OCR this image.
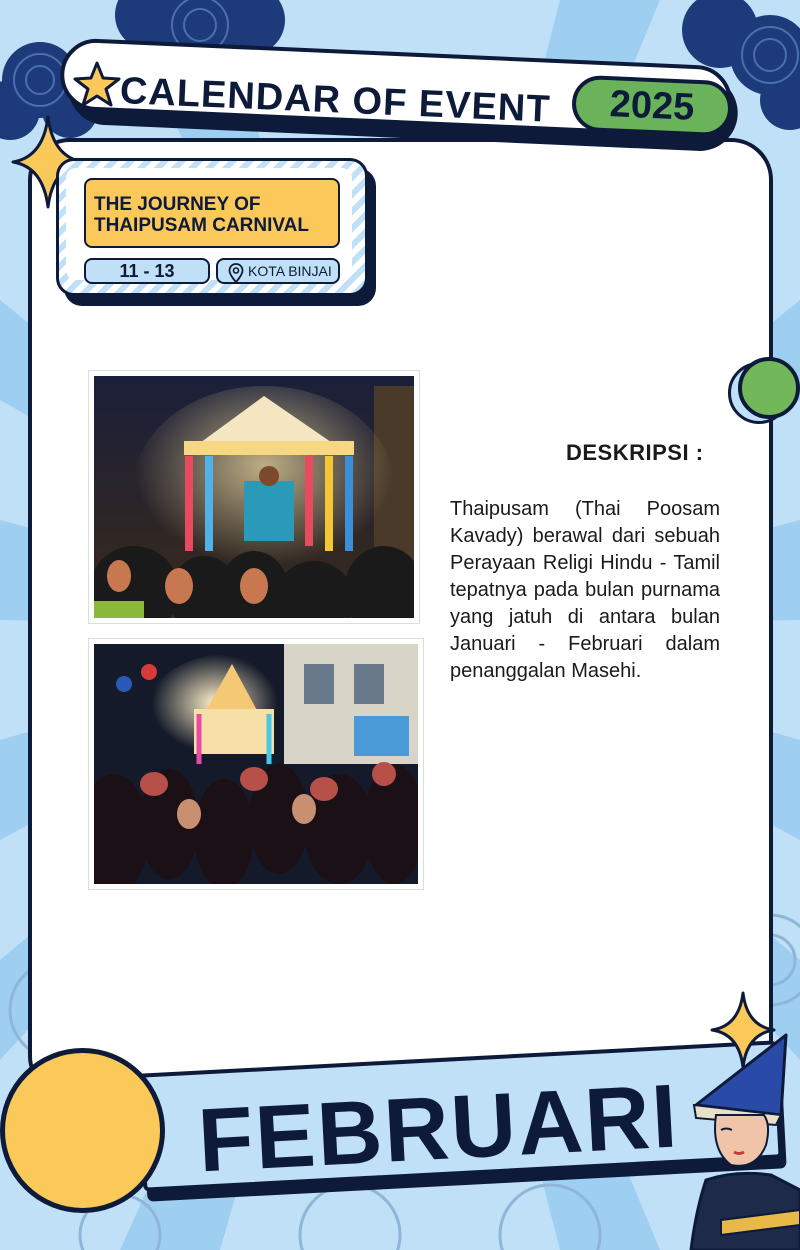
CALENDAR OF EVENT	2025
THE JOURNEY OF
THAIPUSAM CARNIVAL
11 - 13	KOTA BINJAI
DESKRIPSI :
Thaipusam (Thai Poosam Kavady) berawal dari sebuah Perayaan Religi Hindu - Tamil tepatnya pada bulan purnama yang jatuh di antara bulan Januari - Februari dalam penanggalan Masehi.
FEBRUARI
